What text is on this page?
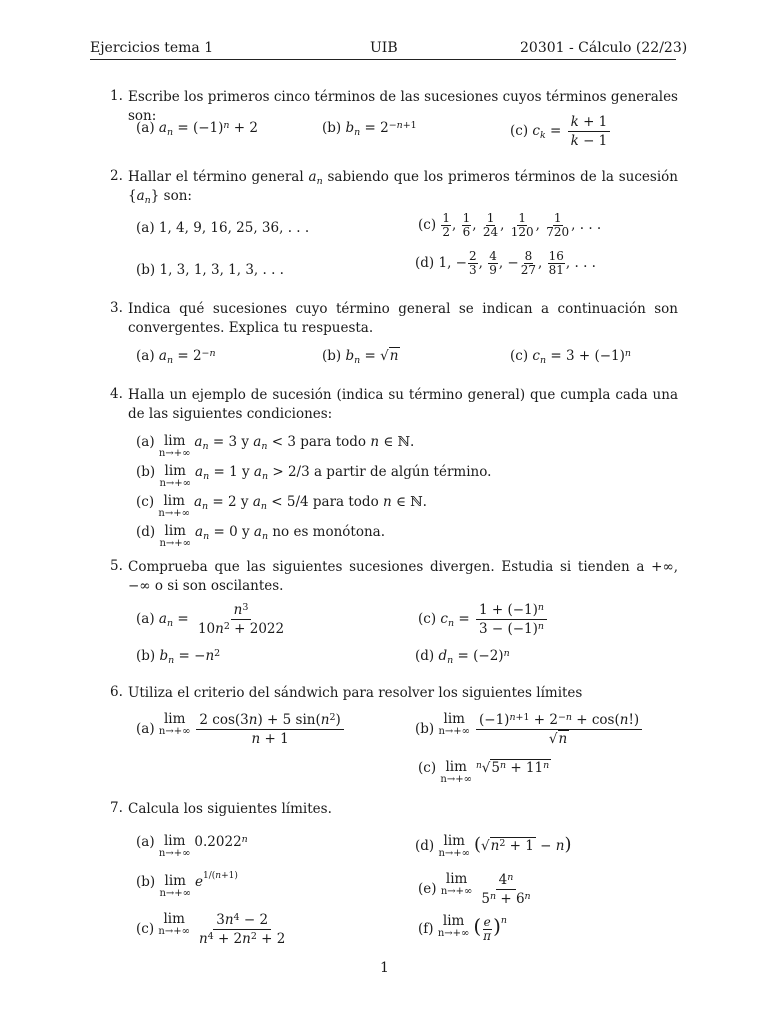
Ejercicios tema 1	UIB	20301 - Cálculo (22/23)
1. Escribe los primeros cinco términos de las sucesiones cuyos términos generales son:
(a) $a_n = (-1)^n + 2$	(b) $b_n = 2^{-n+1}$	(c) $c_k = \frac{k + 1}{k - 1}$
2. Hallar el término general $a_n$ sabiendo que los primeros términos de la sucesión $\{a_n\}$ son:
(a) 1, 4, 9, 16, 25, 36, . . .
(b) 1, 3, 1, 3, 1, 3, . . .
$(c) \frac{1}{2}$ , $\frac{1}{6}$ , $\frac{1}{24}$ , $\frac{1}{120}$ , $\frac{1}{720}$ , . . .
(d) 1, − $\frac{2}{3}$ , $\frac{4}{9}$ , − $\frac{8}{27}$ , $\frac{16}{81}$ , . . .
3. Indica qué sucesiones cuyo término general se indican a continuación son convergentes. Explica tu respuesta.
(a) $a_n = 2^{-n}$	(b) $b_n = √n$	(c) $c_n = 3 + (-1)^n$
4. Halla un ejemplo de sucesión (indica su término general) que cumpla cada una de las siguientes condiciones:
(a) lim
n→+∞
$a_n = 3$ y $a_n < 3$ para todo n ∈ ℕ.
(b) lim
n→+∞
$a_n = 1$ y $a_n > 2/3$ a partir de algún término.
(c) lim
n→+∞
$a_n = 2$ y $a_n < 5/4$ para todo n ∈ ℕ.
(d) lim
n→+∞
$a_n = 0$ y $a_n$ no es monótona.
5. Comprueba que las siguientes sucesiones divergen. Estudia si tienden a +∞, −∞ o si son oscilantes.
(a) $a_n = \frac{n^3}{10n^2 + 2022}$
(b) $b_n = -n^2$
(c) $c_n = \frac{1 + (-1)^n}{3 - (-1)^n}$
(d) $d_n = (-2)^n$
6. Utiliza el criterio del sándwich para resolver los siguientes límites
(a)
lim
$n\to+\infty \frac{2 \cos(3n) + 5 \sin(n^2)}{n + 1}$	(b)
lim
$n\to+\infty \frac{(-1)^{n+1} + 2^{-n} + \cos(n!)}{√n}$
(c) lim
n→+∞
$^n√5^n + 11^n$
7. Calcula los siguientes límites.
(a) lim
n→+∞
0.2022$^n$
(b) lim
n→+∞
$e^{1/(n+1)}$
(c)
lim
$n\to+\infty \frac{3n^4 - 2}{n^4 + 2n^2 + 2}$
(d) lim
n→+∞ $(√n^2 + 1 - n)$
(e)
lim
$n\to+\infty \frac{4^n}{5^n + 6^n}$
(f) lim
n→+∞ ( $\frac{e}{\pi} )^n$
1
